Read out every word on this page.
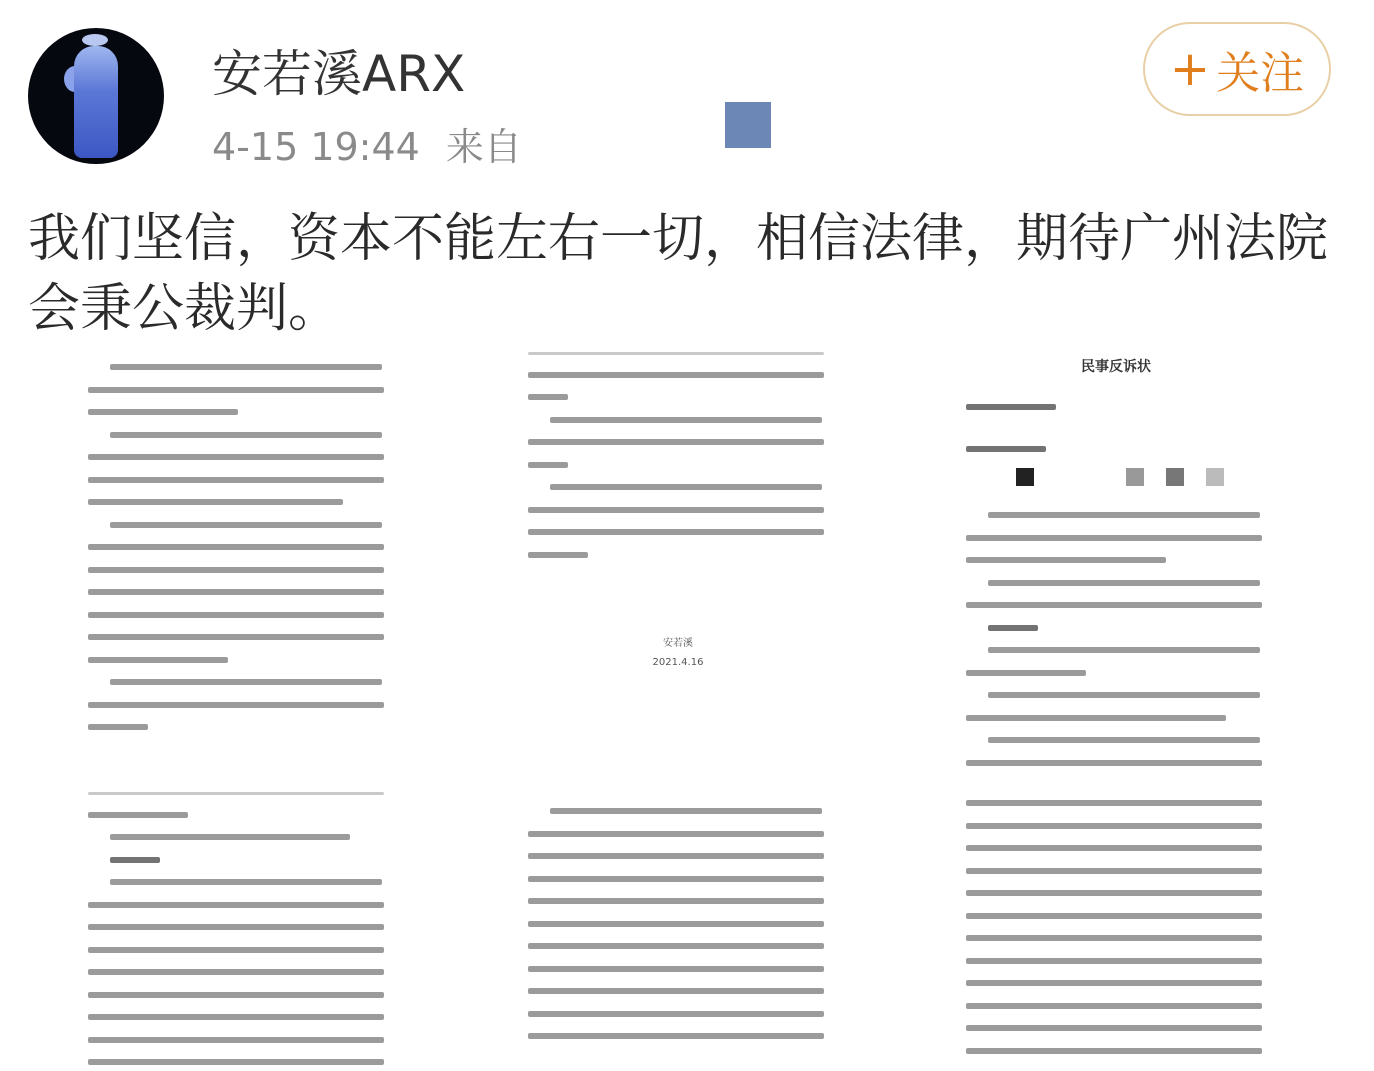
安若溪ARX
4-15 19:44 来自
+ 关注
我们坚信，资本不能左右一切，相信法律，期待广州法院会秉公裁判。
安若溪
2021.4.16
民事反诉状
